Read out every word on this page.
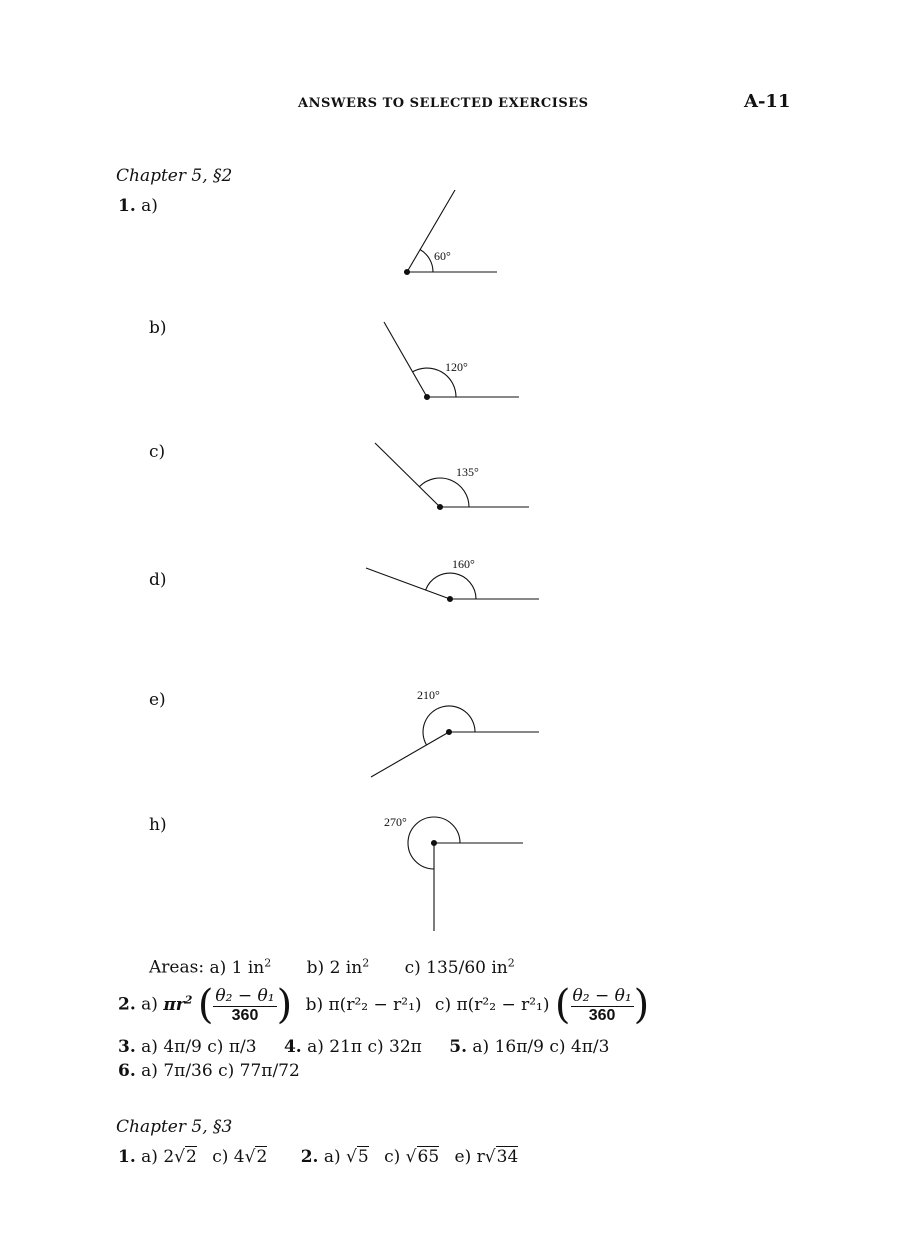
ANSWERS TO SELECTED EXERCISES	A-11
Chapter 5, §2
1. a)
b)
c)
d)
e)
h)
60°
120°
135°
160°
210°
270°
Areas: a) 1 $in^2$ b) 2 $in^2$ c) 135/60 $in^2$
2. a) $\pi r^2$ ( $\frac{\text{θ₂ − θ₁}}{360}$ ) b) π(r²₂ − r²₁) c) π(r²₂ − r²₁) ( $\frac{\text{θ₂ − θ₁}}{360}$ )
3. a) 4π/9 c) π/3 4. a) 21π c) 32π 5. a) 16π/9 c) 4π/3
6. a) 7π/36 c) 77π/72
Chapter 5, §3
1. a) 2√2 c) 4√2 2. a) √5 c) √65 e) r√34
